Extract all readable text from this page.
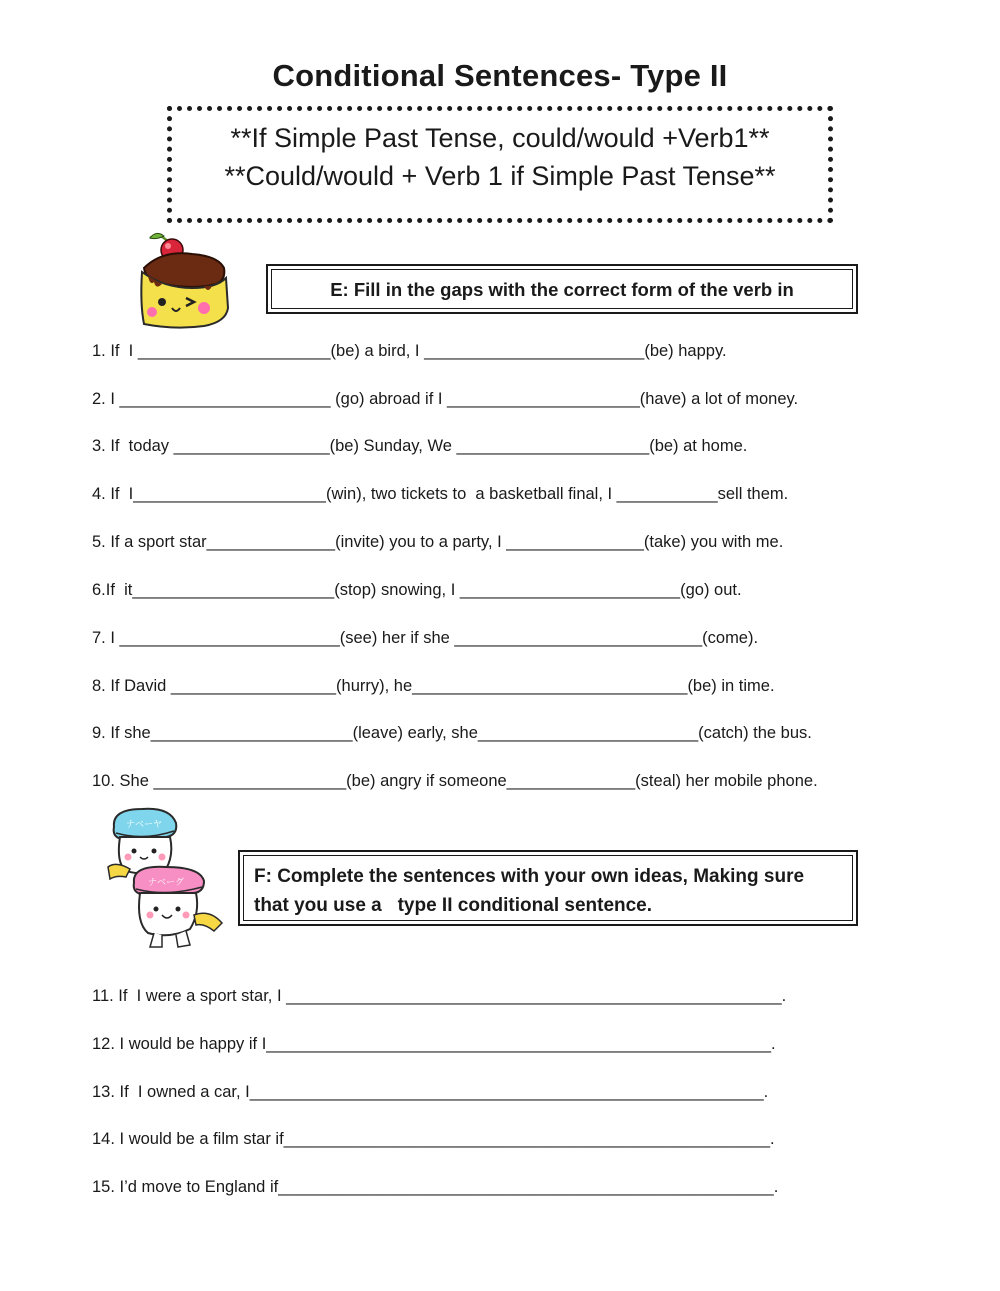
Conditional Sentences- Type II
**If Simple Past Tense, could/would +Verb1**
**Could/would + Verb 1 if Simple Past Tense**
E: Fill in the gaps with the correct form of the verb in
1. If  I _____________________(be) a bird, I ________________________(be) happy.
2. I _______________________ (go) abroad if I _____________________(have) a lot of money.
3. If  today _________________(be) Sunday, We _____________________(be) at home.
4. If  I_____________________(win), two tickets to  a basketball final, I ___________sell them.
5. If a sport star______________(invite) you to a party, I _______________(take) you with me.
6.If  it______________________(stop) snowing, I ________________________(go) out.
7. I ________________________(see) her if she ___________________________(come).
8. If David __________________(hurry), he______________________________(be) in time.
9. If she______________________(leave) early, she________________________(catch) the bus.
10. She _____________________(be) angry if someone______________(steal) her mobile phone.
ナベーヤ
ナベーグ	F: Complete the sentences with your own ideas, Making sure
that you use a   type II conditional sentence.
11. If  I were a sport star, I ______________________________________________________.
12. I would be happy if I_______________________________________________________.
13. If  I owned a car, I________________________________________________________.
14. I would be a film star if_____________________________________________________.
15. I’d move to England if______________________________________________________.
